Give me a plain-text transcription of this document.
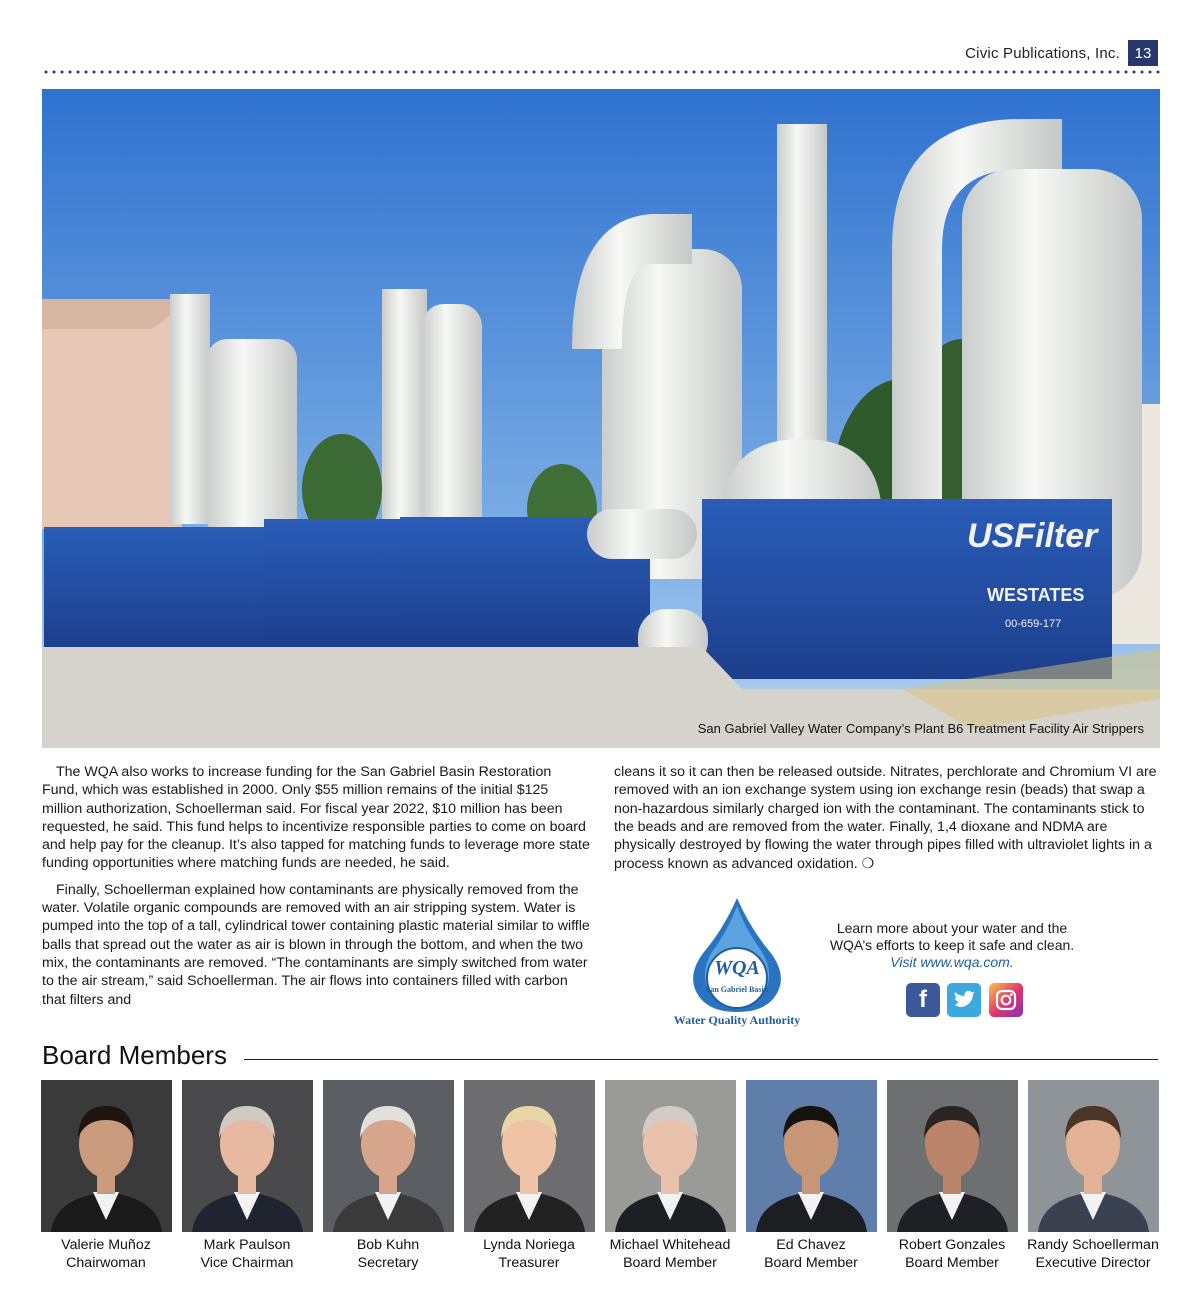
Civic Publications, Inc. 13
USFilter
WESTATES
00-659-177
San Gabriel Valley Water Company’s Plant B6 Treatment Facility Air Strippers

The WQA also works to increase funding for the San Gabriel Basin Restoration Fund, which was established in 2000. Only $55 million remains of the initial $125 million authorization, Schoellerman said. For fiscal year 2022, $10 million has been requested, he said. This fund helps to incentivize responsible parties to come on board and help pay for the cleanup. It’s also tapped for matching funds to leverage more state funding opportunities where matching funds are needed, he said.

Finally, Schoellerman explained how contaminants are physically removed from the water. Volatile organic compounds are removed with an air stripping system. Water is pumped into the top of a tall, cylindrical tower containing plastic material similar to wiffle balls that spread out the water as air is blown in through the bottom, and when the two mix, the contaminants are removed. “The contaminants are simply switched from water to the air stream,” said Schoellerman. The air flows into containers filled with carbon that filters and

cleans it so it can then be released outside. Nitrates, perchlorate and Chromium VI are removed with an ion exchange system using ion exchange resin (beads) that swap a non-hazardous similarly charged ion with the contaminant. The contaminants stick to the beads and are removed from the water. Finally, 1,4 dioxane and NDMA are physically destroyed by flowing the water through pipes filled with ultraviolet lights in a process known as advanced oxidation. ❍

WQA
San Gabriel Basin
Water Quality Authority
Learn more about your water and the
WQA’s efforts to keep it safe and clean.
Visit www.wqa.com.
f
Board Members
Valerie Muñoz
Chairwoman
Mark Paulson
Vice Chairman
Bob Kuhn
Secretary
Lynda Noriega
Treasurer
Michael Whitehead
Board Member
Ed Chavez
Board Member
Robert Gonzales
Board Member
Randy Schoellerman
Executive Director
